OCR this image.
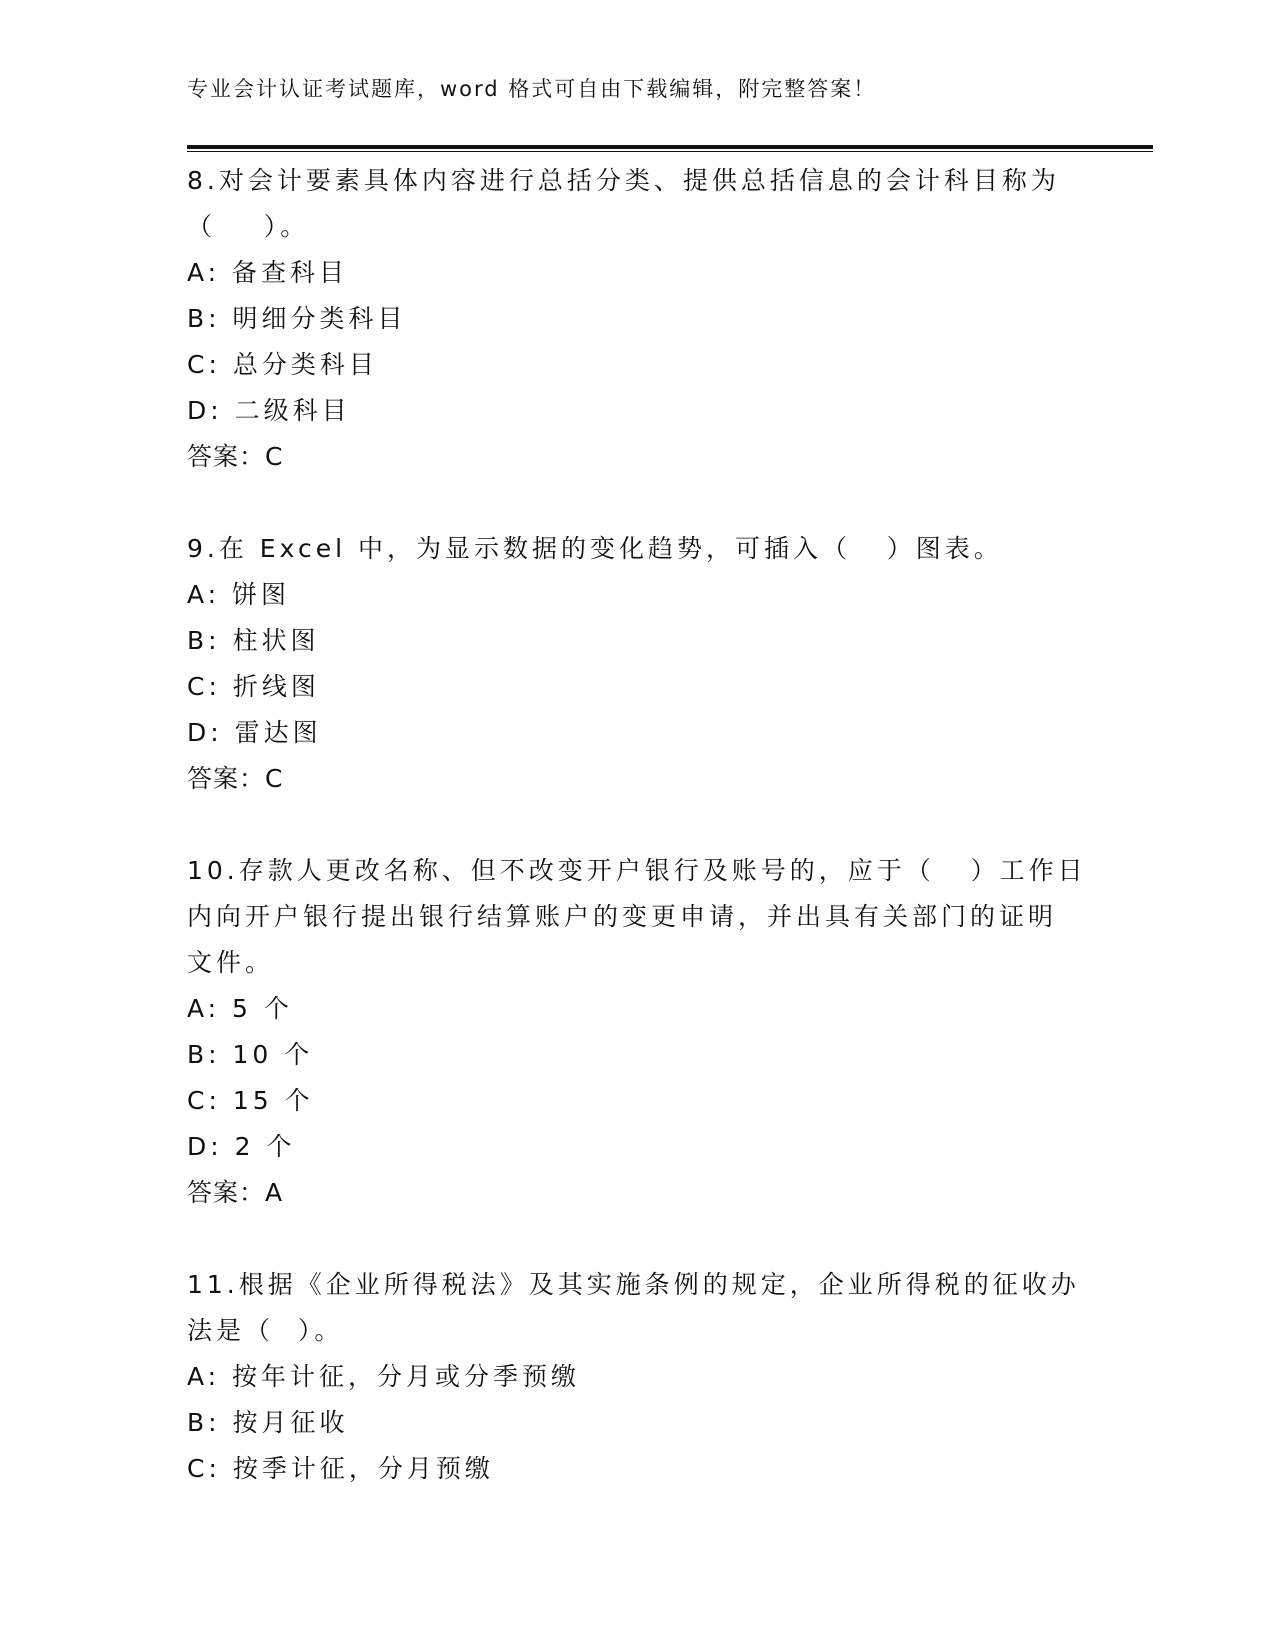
专业会计认证考试题库，word 格式可自由下载编辑，附完整答案！
8.对会计要素具体内容进行总括分类、提供总括信息的会计科目称为
（    ）。
A: 备查科目
B: 明细分类科目
C: 总分类科目
D: 二级科目
答案：C
9.在 Excel 中，为显示数据的变化趋势，可插入（   ）图表。
A: 饼图
B: 柱状图
C: 折线图
D: 雷达图
答案：C
10.存款人更改名称、但不改变开户银行及账号的，应于（   ）工作日
内向开户银行提出银行结算账户的变更申请，并出具有关部门的证明
文件。
A: 5 个
B: 10 个
C: 15 个
D: 2 个
答案：A
11.根据《企业所得税法》及其实施条例的规定，企业所得税的征收办
法是（  ）。
A: 按年计征，分月或分季预缴
B: 按月征收
C: 按季计征，分月预缴
